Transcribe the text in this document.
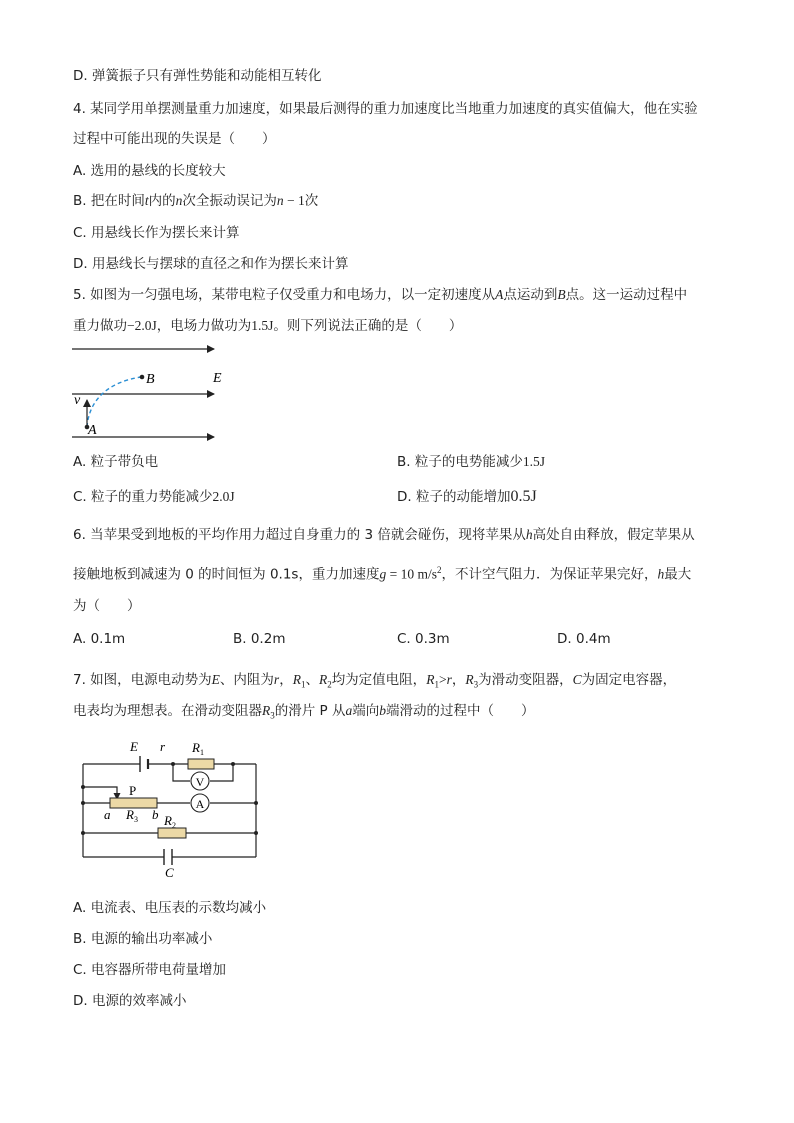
D. 弹簧振子只有弹性势能和动能相互转化
4. 某同学用单摆测量重力加速度，如果最后测得的重力加速度比当地重力加速度的真实值偏大，他在实验
过程中可能出现的失误是（　　）
A. 选用的悬线的长度较大
B. 把在时间t内的n次全振动误记为n − 1次
C. 用悬线长作为摆长来计算
D. 用悬线长与摆球的直径之和作为摆长来计算
5. 如图为一匀强电场，某带电粒子仅受重力和电场力，以一定初速度从A点运动到B点。这一运动过程中
重力做功−2.0J，电场力做功为1.5J。则下列说法正确的是（　　）
B	E
v
A
A. 粒子带负电	B. 粒子的电势能减少1.5J
C. 粒子的重力势能减少2.0J	D. 粒子的动能增加0.5J
6. 当苹果受到地板的平均作用力超过自身重力的 3 倍就会碰伤，现将苹果从h高处自由释放，假定苹果从
接触地板到减速为 0 的时间恒为 0.1s，重力加速度g = 10 $m/s^2$，不计空气阻力．为保证苹果完好，h最大
为（　　）
A. 0.1m	B. 0.2m	C. 0.3m	D. 0.4m
7. 如图，电源电动势为E、内阻为r，$R_1$、$R_2$均为定值电阻，$R_1>r$，$R_3$为滑动变阻器，C为固定电容器，
电表均为理想表。在滑动变阻器$R_3$的滑片 P 从a端向b端滑动的过程中（　　）
V
A
E r $R_1$
P
a $R_3$ b $R_2$
C
A. 电流表、电压表的示数均减小
B. 电源的输出功率减小
C. 电容器所带电荷量增加
D. 电源的效率减小
